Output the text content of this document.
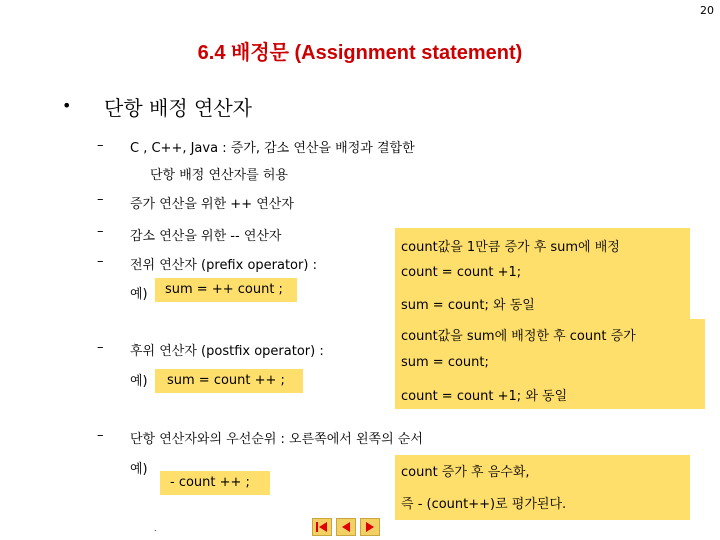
20
6.4 배정문 (Assignment statement)
• 단항 배정 연산자
–
–
–
–
–
–
C , C++, Java : 증가, 감소 연산을 배정과 결합한
단항 배정 연산자를 허용
증가 연산을 위한 ++ 연산자
감소 연산을 위한 -- 연산자
전위 연산자 (prefix operator) :
예)	sum = ++ count ;
후위 연산자 (postfix operator) :
예)	sum = count ++ ;
단항 연산자와의 우선순위 : 오른쪽에서 왼쪽의 순서
예)
- count ++ ;
count값을 1만큼 증가 후 sum에 배정
count = count +1;
sum = count; 와 동일
count값을 sum에 배정한 후 count 증가
sum = count;
count = count +1; 와 동일
count 증가 후 음수화,
즉 - (count++)로 평가된다.
.
